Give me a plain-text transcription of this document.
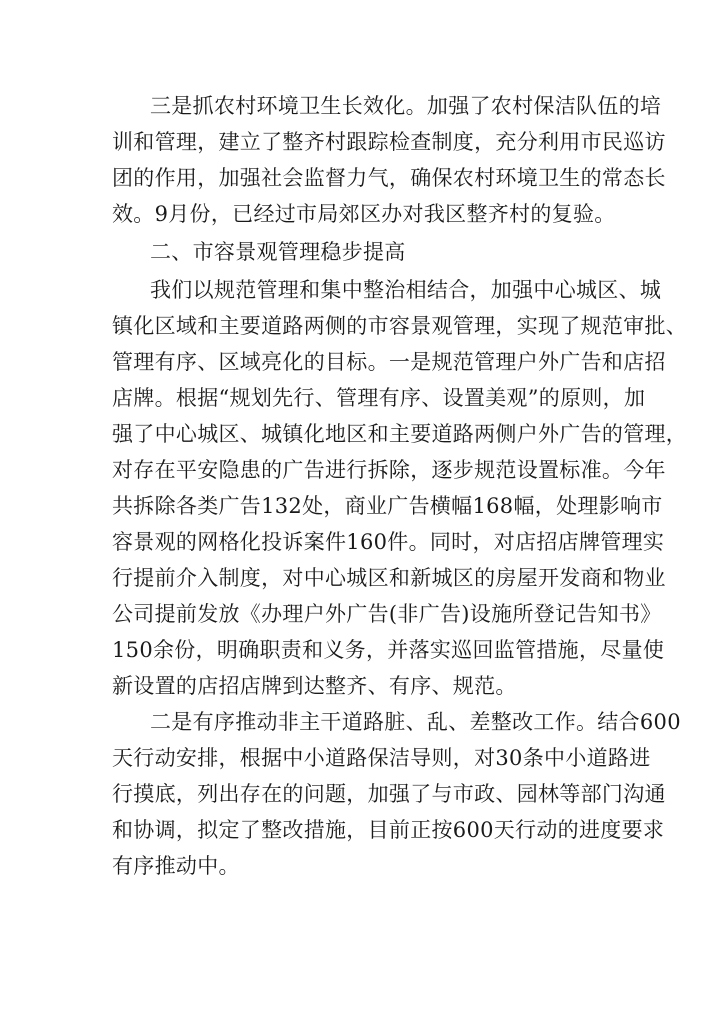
三是抓农村环境卫生长效化。加强了农村保洁队伍的培
训和管理，建立了整齐村跟踪检查制度，充分利用市民巡访
团的作用，加强社会监督力气，确保农村环境卫生的常态长
效。9月份，已经过市局郊区办对我区整齐村的复验。
二、市容景观管理稳步提高
我们以规范管理和集中整治相结合，加强中心城区、城
镇化区域和主要道路两侧的市容景观管理，实现了规范审批、
管理有序、区域亮化的目标。一是规范管理户外广告和店招
店牌。根据“规划先行、管理有序、设置美观”的原则，加
强了中心城区、城镇化地区和主要道路两侧户外广告的管理，
对存在平安隐患的广告进行拆除，逐步规范设置标准。今年
共拆除各类广告132处，商业广告横幅168幅，处理影响市
容景观的网格化投诉案件160件。同时，对店招店牌管理实
行提前介入制度，对中心城区和新城区的房屋开发商和物业
公司提前发放《办理户外广告(非广告)设施所登记告知书》
150余份，明确职责和义务，并落实巡回监管措施，尽量使
新设置的店招店牌到达整齐、有序、规范。
二是有序推动非主干道路脏、乱、差整改工作。结合600
天行动安排，根据中小道路保洁导则，对30条中小道路进
行摸底，列出存在的问题，加强了与市政、园林等部门沟通
和协调，拟定了整改措施，目前正按600天行动的进度要求
有序推动中。
